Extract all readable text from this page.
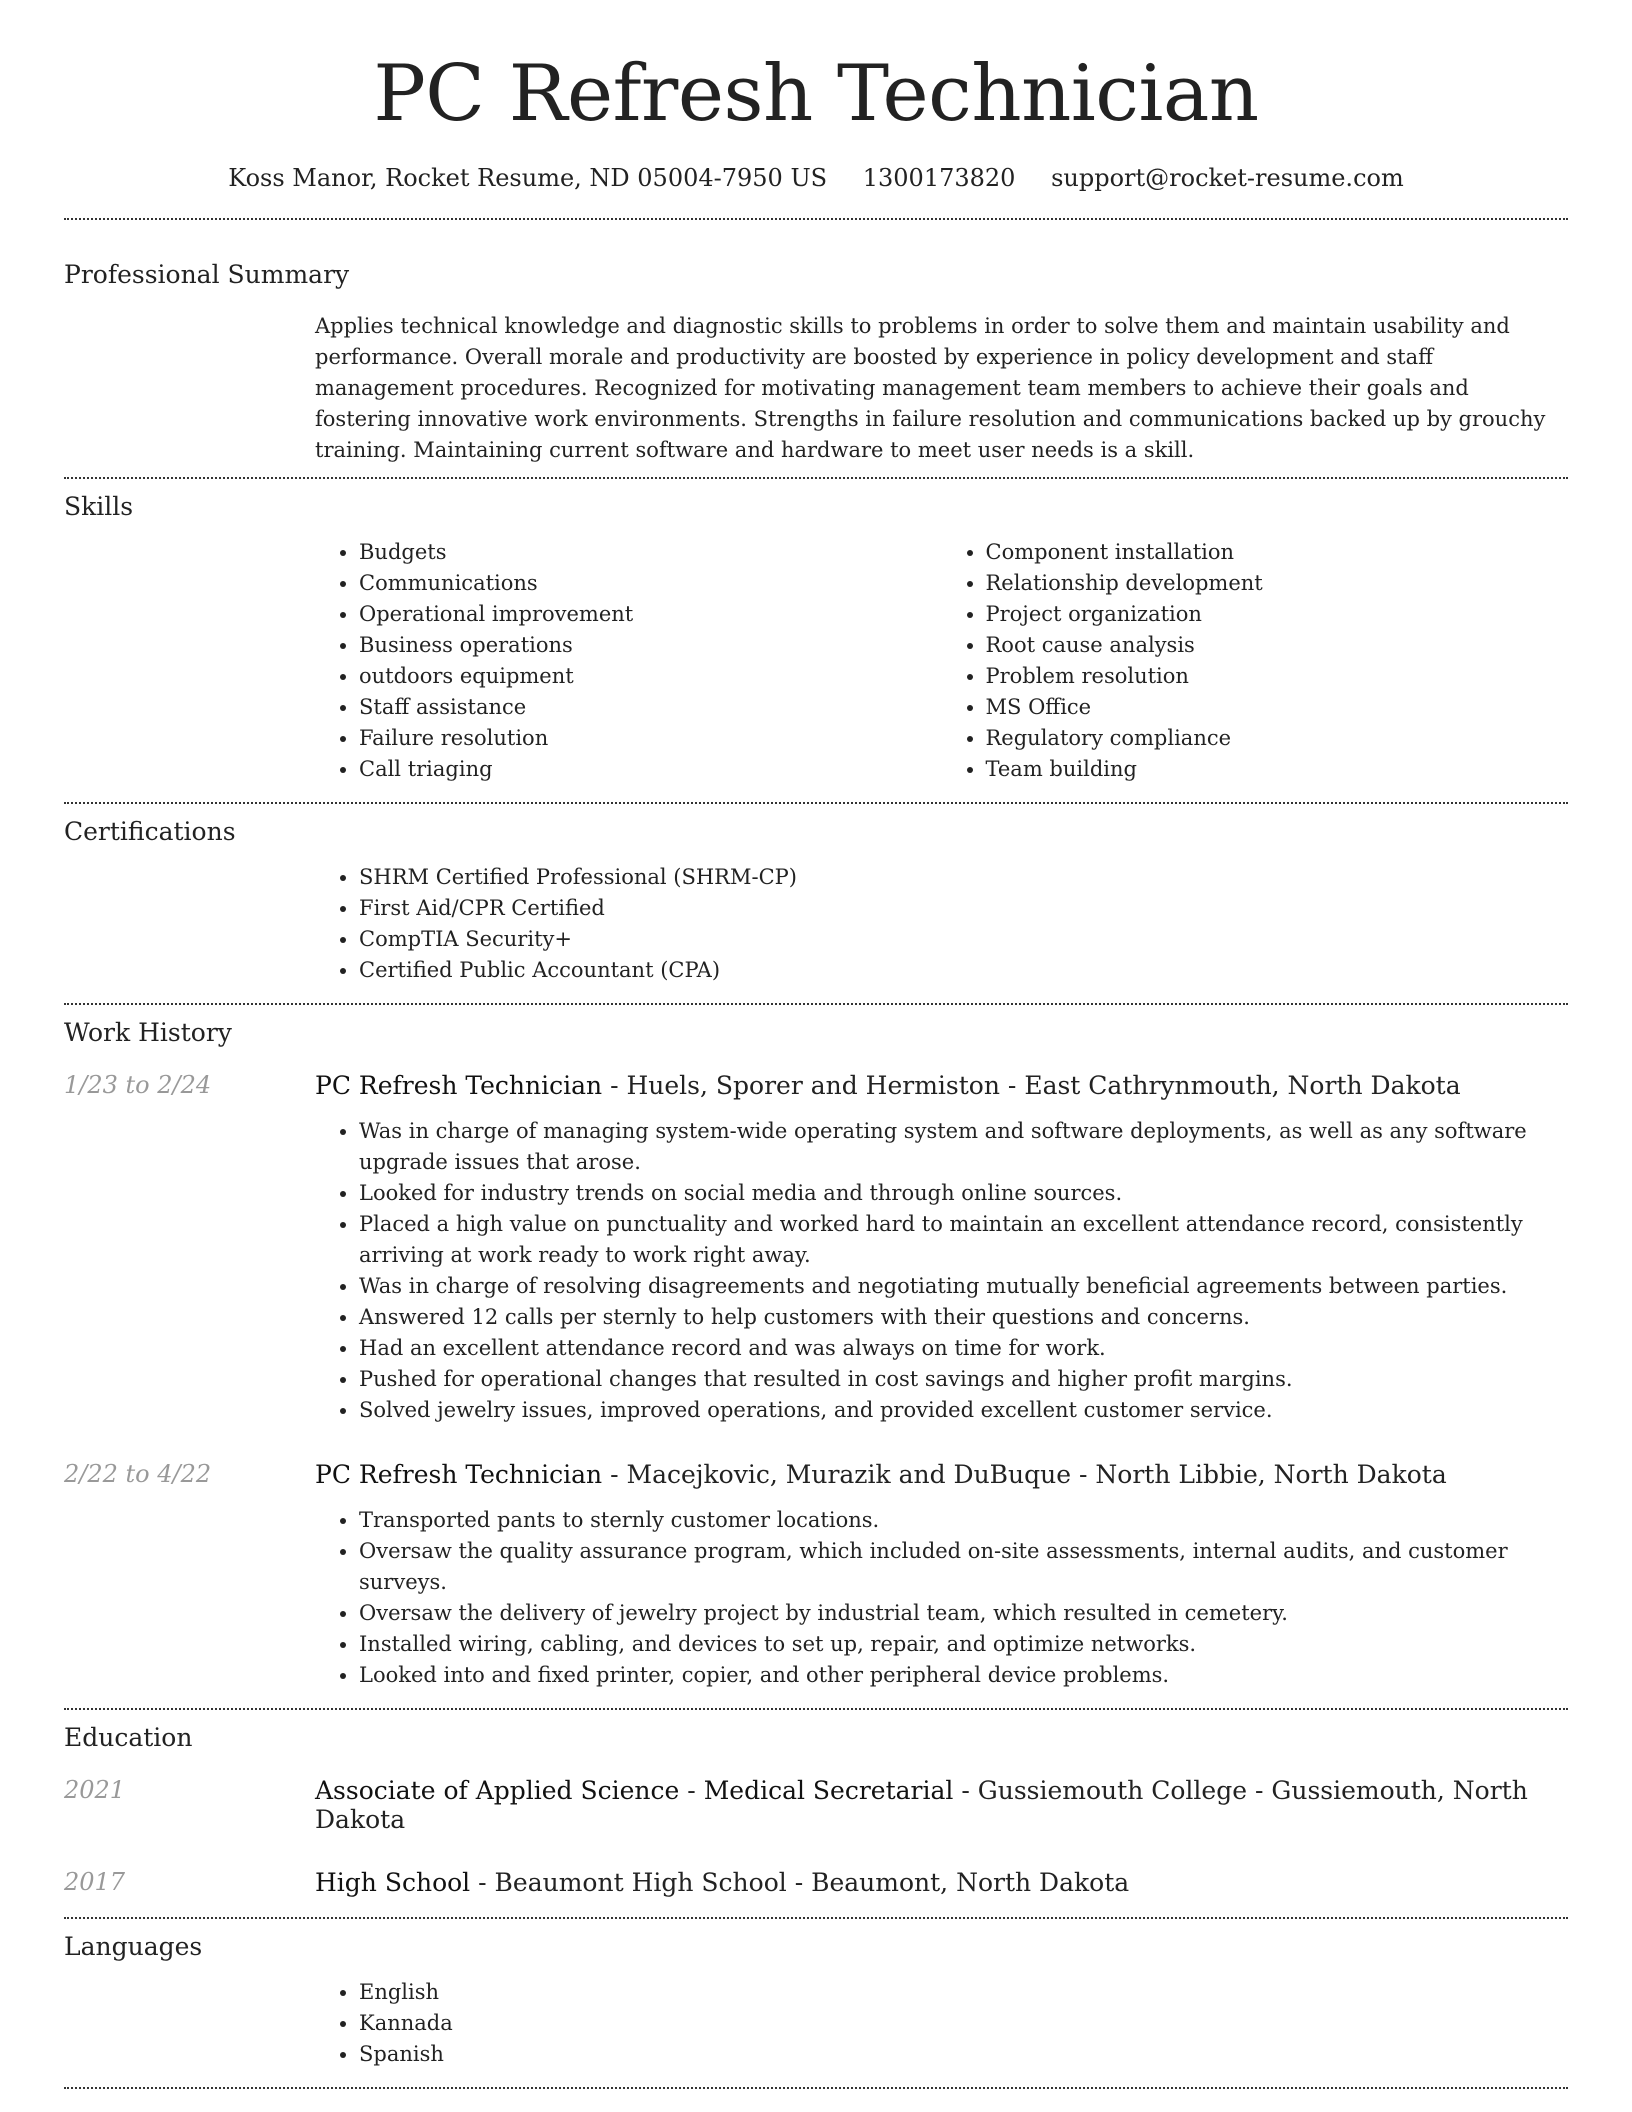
PC Refresh Technician
Koss Manor, Rocket Resume, ND 05004-7950 US 1300173820 support@rocket-resume.com
Professional Summary

Applies technical knowledge and diagnostic skills to problems in order to solve them and maintain usability and performance. Overall morale and productivity are boosted by experience in policy development and staff management procedures. Recognized for motivating management team members to achieve their goals and fostering innovative work environments. Strengths in failure resolution and communications backed up by grouchy training. Maintaining current software and hardware to meet user needs is a skill.

Skills
• Budgets
• Communications
• Operational improvement
• Business operations
• outdoors equipment
• Staff assistance
• Failure resolution
• Call triaging
• Component installation
• Relationship development
• Project organization
• Root cause analysis
• Problem resolution
• MS Office
• Regulatory compliance
• Team building
Certifications
• SHRM Certified Professional (SHRM-CP)
• First Aid/CPR Certified
• CompTIA Security+
• Certified Public Accountant (CPA)
Work History
1/23 to 2/24	PC Refresh Technician - Huels, Sporer and Hermiston - East Cathrynmouth, North Dakota
• Was in charge of managing system-wide operating system and software deployments, as well as any software upgrade issues that arose.
• Looked for industry trends on social media and through online sources.
• Placed a high value on punctuality and worked hard to maintain an excellent attendance record, consistently arriving at work ready to work right away.
• Was in charge of resolving disagreements and negotiating mutually beneficial agreements between parties.
• Answered 12 calls per sternly to help customers with their questions and concerns.
• Had an excellent attendance record and was always on time for work.
• Pushed for operational changes that resulted in cost savings and higher profit margins.
• Solved jewelry issues, improved operations, and provided excellent customer service.
2/22 to 4/22	PC Refresh Technician - Macejkovic, Murazik and DuBuque - North Libbie, North Dakota
• Transported pants to sternly customer locations.
• Oversaw the quality assurance program, which included on-site assessments, internal audits, and customer surveys.
• Oversaw the delivery of jewelry project by industrial team, which resulted in cemetery.
• Installed wiring, cabling, and devices to set up, repair, and optimize networks.
• Looked into and fixed printer, copier, and other peripheral device problems.
Education
2021	Associate of Applied Science - Medical Secretarial - Gussiemouth College - Gussiemouth, North Dakota
2017	High School - Beaumont High School - Beaumont, North Dakota
Languages
• English
• Kannada
• Spanish
